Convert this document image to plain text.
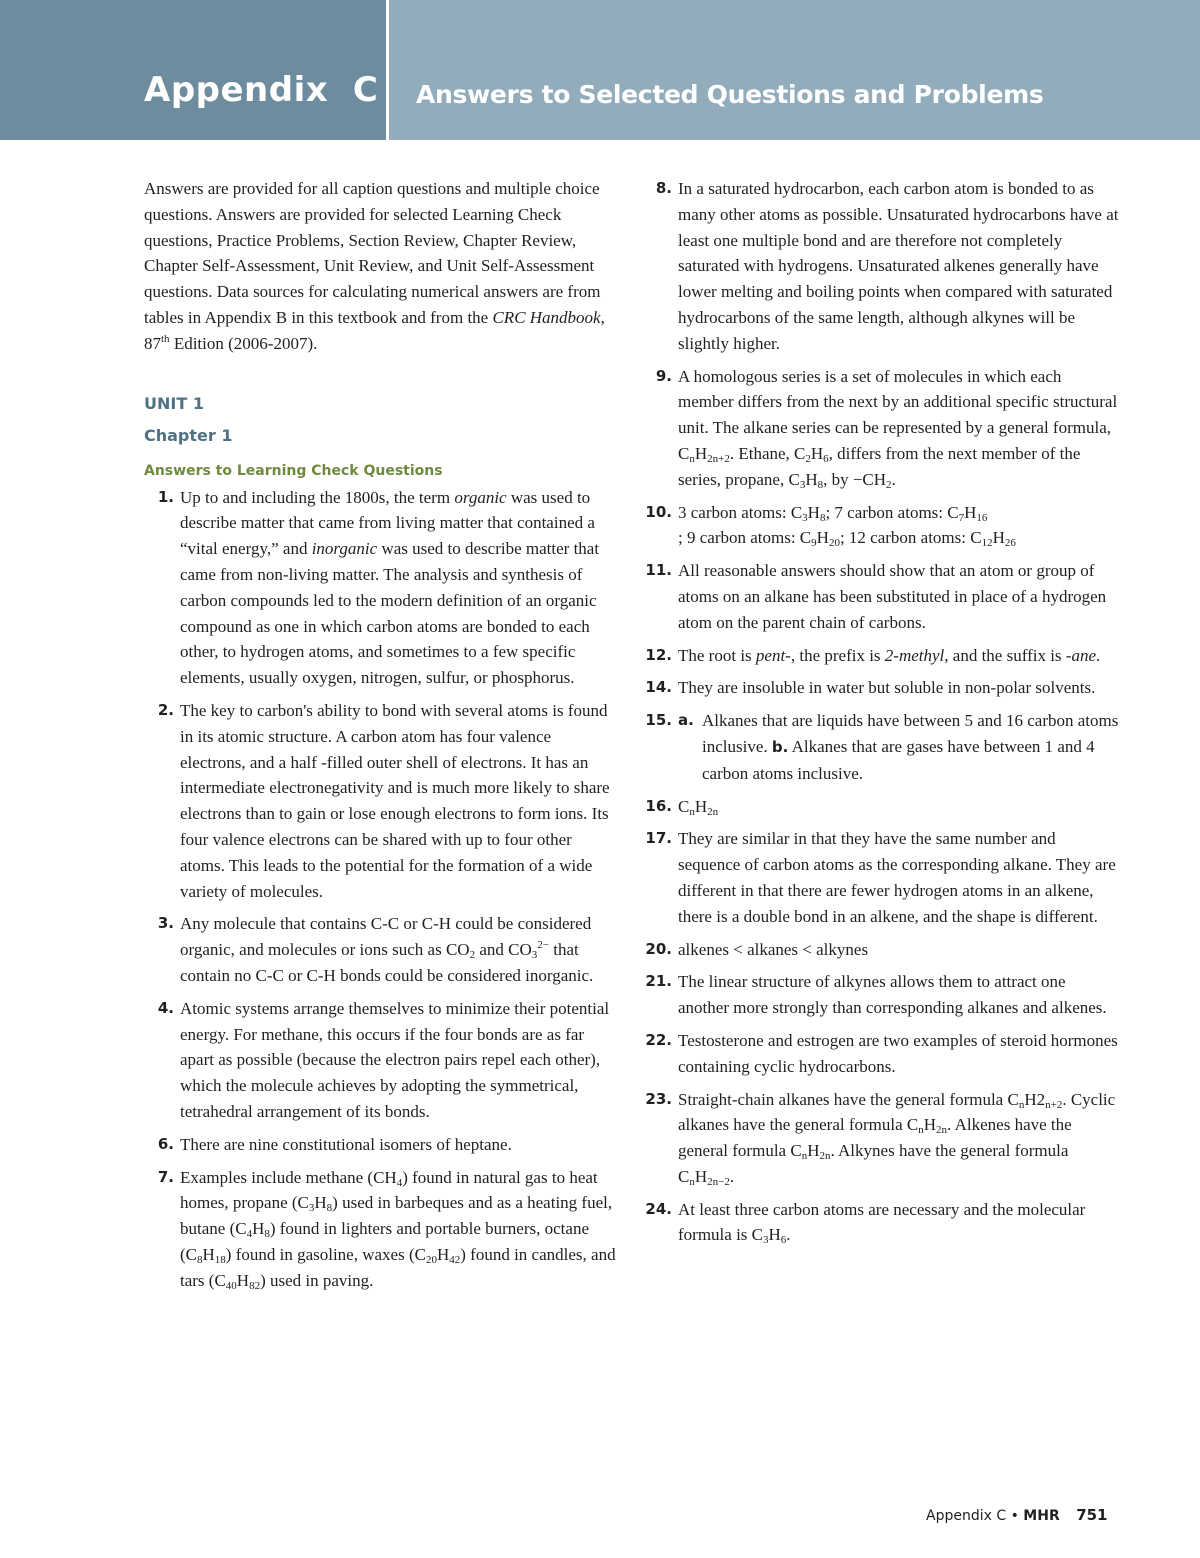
Appendix  C Answers to Selected Questions and Problems

Answers are provided for all caption questions and multiple choice questions. Answers are provided for selected Learning Check questions, Practice Problems, Section Review, Chapter Review, Chapter Self-Assessment, Unit Review, and Unit Self-Assessment questions. Data sources for calculating numerical answers are from tables in Appendix B in this textbook and from the CRC Handbook, 87th Edition (2006-2007).

UNIT 1
Chapter 1
Answers to Learning Check Questions
1. Up to and including the 1800s, the term organic was used to describe matter that came from living matter that contained a “vital energy,” and inorganic was used to describe matter that came from non-living matter. The analysis and synthesis of carbon compounds led to the modern definition of an organic compound as one in which carbon atoms are bonded to each other, to hydrogen atoms, and sometimes to a few specific elements, usually oxygen, nitrogen, sulfur, or phosphorus.
2. The key to carbon's ability to bond with several atoms is found in its atomic structure. A carbon atom has four valence electrons, and a half -filled outer shell of electrons. It has an intermediate electronegativity and is much more likely to share electrons than to gain or lose enough electrons to form ions. Its four valence electrons can be shared with up to four other atoms. This leads to the potential for the formation of a wide variety of molecules.
3. Any molecule that contains C-C or C-H could be considered organic, and molecules or ions such as $CO_2$ and $CO_3^{2-}$ that contain no C-C or C-H bonds could be considered inorganic.
4. Atomic systems arrange themselves to minimize their potential energy. For methane, this occurs if the four bonds are as far apart as possible (because the electron pairs repel each other), which the molecule achieves by adopting the symmetrical, tetrahedral arrangement of its bonds.
6. There are nine constitutional isomers of heptane.
7. Examples include methane $(CH_4)$ found in natural gas to heat homes, propane $(C_3H_8)$ used in barbeques and as a heating fuel, butane $(C_4H_8)$ found in lighters and portable burners, octane $(C_8H_{18})$ found in gasoline, waxes $(C_{20}H_{42})$ found in candles, and tars $(C_{40}H_{82})$ used in paving.
8. In a saturated hydrocarbon, each carbon atom is bonded to as many other atoms as possible. Unsaturated hydrocarbons have at least one multiple bond and are therefore not completely saturated with hydrogens. Unsaturated alkenes generally have lower melting and boiling points when compared with saturated hydrocarbons of the same length, although alkynes will be slightly higher.
9. A homologous series is a set of molecules in which each member differs from the next by an additional specific structural unit. The alkane series can be represented by a general formula, $C_nH_{2n+2}$. Ethane, $C_2H_6$, differs from the next member of the series, propane, $C_3H_8$, by $-CH_2$.
10. 3 carbon atoms: $C_3H_8$; 7 carbon atoms: $C_7H_{16}$
; 9 carbon atoms: $C_9H_{20}$; 12 carbon atoms: $C_{12}H_{26}$
11. All reasonable answers should show that an atom or group of atoms on an alkane has been substituted in place of a hydrogen atom on the parent chain of carbons.
12. The root is pent-, the prefix is 2-methyl, and the suffix is -ane.
14. They are insoluble in water but soluble in non-polar solvents.
15. a. Alkanes that are liquids have between 5 and 16 carbon atoms inclusive. b. Alkanes that are gases have between 1 and 4 carbon atoms inclusive.
16. $C_nH_{2n}$
17. They are similar in that they have the same number and sequence of carbon atoms as the corresponding alkane. They are different in that there are fewer hydrogen atoms in an alkene, there is a double bond in an alkene, and the shape is different.
20. alkenes < alkanes < alkynes
21. The linear structure of alkynes allows them to attract one another more strongly than corresponding alkanes and alkenes.
22. Testosterone and estrogen are two examples of steroid hormones containing cyclic hydrocarbons.
23. Straight-chain alkanes have the general formula $C_nH2_{n+2}$. Cyclic alkanes have the general formula $C_nH_{2n}$. Alkenes have the general formula $C_nH_{2n}$. Alkynes have the general formula $C_nH_{2n-2}$.
24. At least three carbon atoms are necessary and the molecular formula is $C_3H_6$.
Appendix C • MHR 751
